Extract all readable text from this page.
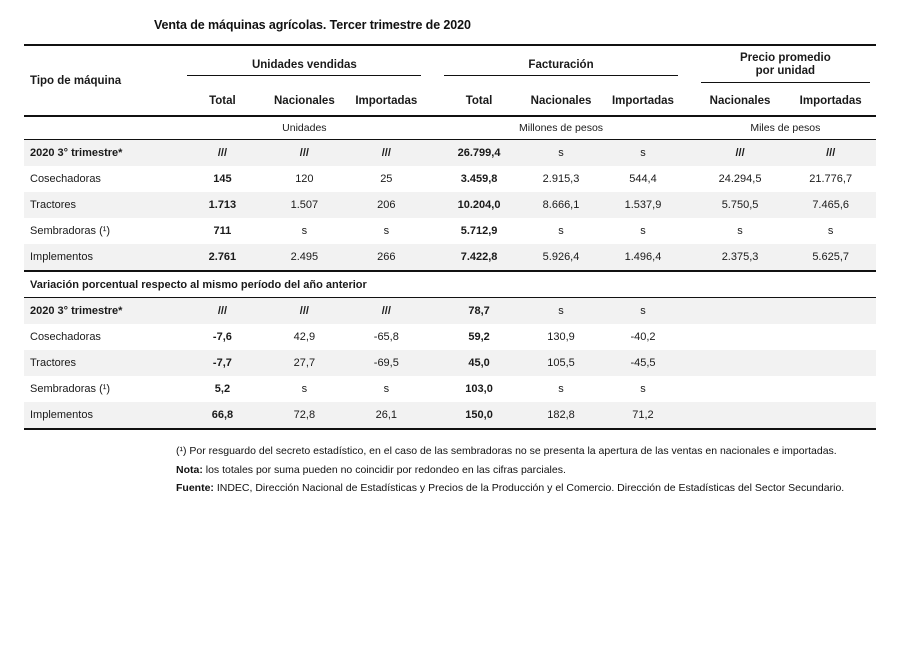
Venta de máquinas agrícolas. Tercer trimestre de 2020
Tipo de máquina	Unidades vendidas				Facturación				Precio promedio
por unidad	

	Total	Nacionales	Importadas		Total	Nacionales	Importadas		Nacionales	Importadas
	Unidades				Millones de pesos				Miles de pesos	
2020 3° trimestre*	///	///	///		26.799,4	s	s		///	///
Cosechadoras	145	120	25		3.459,8	2.915,3	544,4		24.294,5	21.776,7
Tractores	1.713	1.507	206		10.204,0	8.666,1	1.537,9		5.750,5	7.465,6
Sembradoras (¹)	711	s	s		5.712,9	s	s		s	s
Implementos	2.761	2.495	266		7.422,8	5.926,4	1.496,4		2.375,3	5.625,7
Variación porcentual respecto al mismo período del año anterior										
2020 3° trimestre*	///	///	///		78,7	s	s			
Cosechadoras	-7,6	42,9	-65,8		59,2	130,9	-40,2			
Tractores	-7,7	27,7	-69,5		45,0	105,5	-45,5			
Sembradoras (¹)	5,2	s	s		103,0	s	s			
Implementos	66,8	72,8	26,1		150,0	182,8	71,2			

(¹) Por resguardo del secreto estadístico, en el caso de las sembradoras no se presenta la apertura de las ventas en nacionales e importadas.

Nota: los totales por suma pueden no coincidir por redondeo en las cifras parciales.

Fuente: INDEC, Dirección Nacional de Estadísticas y Precios de la Producción y el Comercio. Dirección de Estadísticas del Sector Secundario.
